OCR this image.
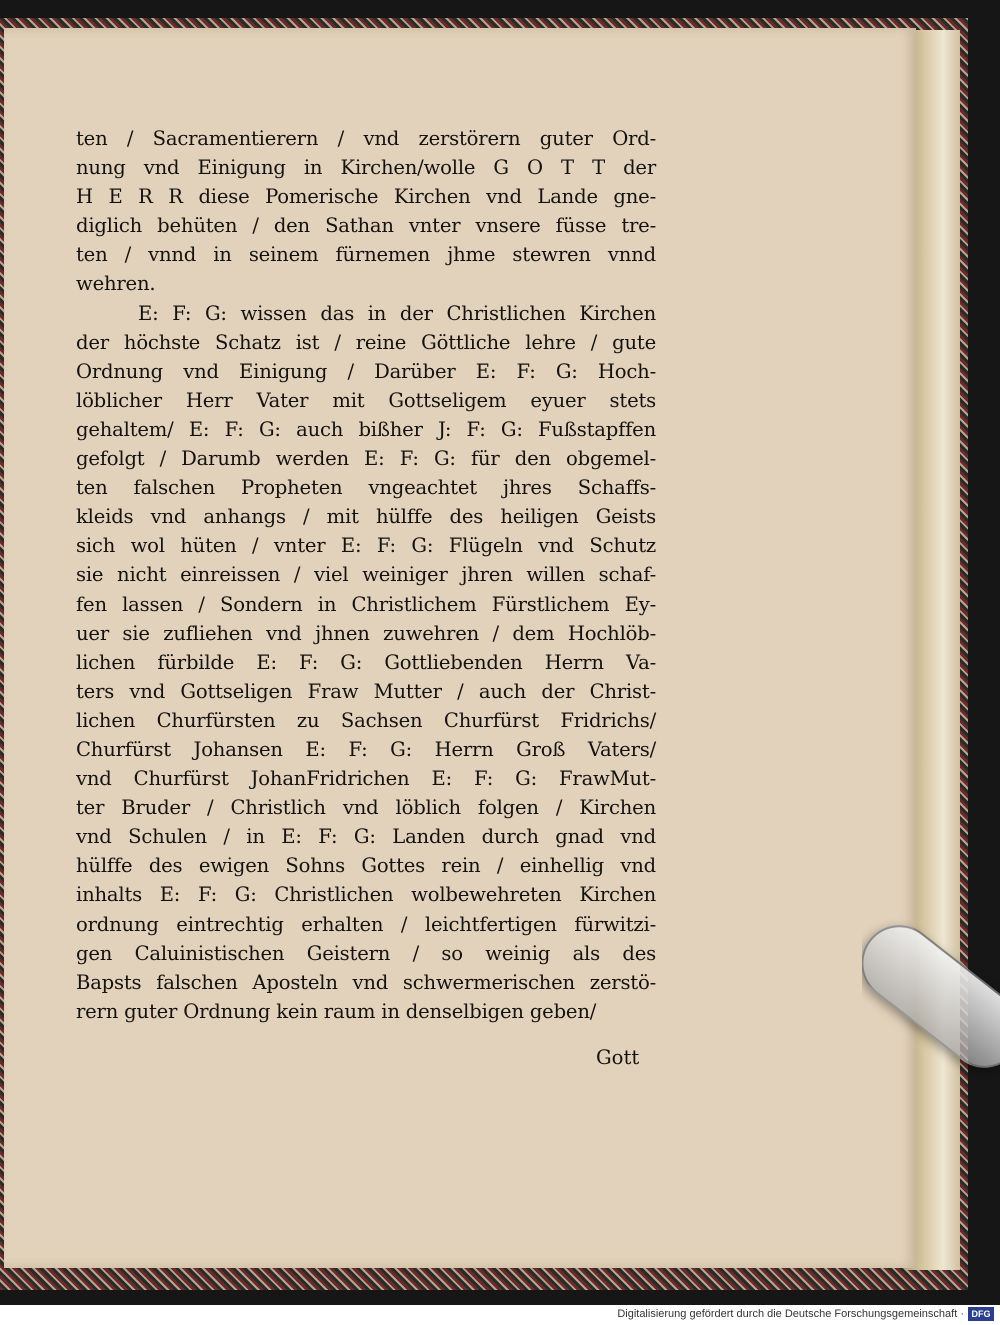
ten / Sacramentierern / vnd zerstörern guter Ord-
nung vnd Einigung in Kirchen/wolle G O T T der
H E R R diese Pomerische Kirchen vnd Lande gne-
diglich behüten / den Sathan vnter vnsere füsse tre-
ten / vnnd in seinem fürnemen jhme stewren vnnd
wehren.
E: F: G: wissen das in der Christlichen Kirchen
der höchste Schatz ist / reine Göttliche lehre / gute
Ordnung vnd Einigung / Darüber E: F: G: Hoch-
löblicher Herr Vater mit Gottseligem eyuer stets
gehaltem/ E: F: G: auch bißher J: F: G: Fußstapffen
gefolgt / Darumb werden E: F: G: für den obgemel-
ten falschen Propheten vngeachtet jhres Schaffs-
kleids vnd anhangs / mit hülffe des heiligen Geists
sich wol hüten / vnter E: F: G: Flügeln vnd Schutz
sie nicht einreissen / viel weiniger jhren willen schaf-
fen lassen / Sondern in Christlichem Fürstlichem Ey-
uer sie zufliehen vnd jhnen zuwehren / dem Hochlöb-
lichen fürbilde E: F: G: Gottliebenden Herrn Va-
ters vnd Gottseligen Fraw Mutter / auch der Christ-
lichen Churfürsten zu Sachsen Churfürst Fridrichs/
Churfürst Johansen E: F: G: Herrn Groß Vaters/
vnd Churfürst JohanFridrichen E: F: G: FrawMut-
ter Bruder / Christlich vnd löblich folgen / Kirchen
vnd Schulen / in E: F: G: Landen durch gnad vnd
hülffe des ewigen Sohns Gottes rein / einhellig vnd
inhalts E: F: G: Christlichen wolbewehreten Kirchen
ordnung eintrechtig erhalten / leichtfertigen fürwitzi-
gen Caluinistischen Geistern / so weinig als des
Bapsts falschen Aposteln vnd schwermerischen zerstö-
rern guter Ordnung kein raum in denselbigen geben/
Gott
Digitalisierung gefördert durch die Deutsche Forschungsgemeinschaft · DFG
